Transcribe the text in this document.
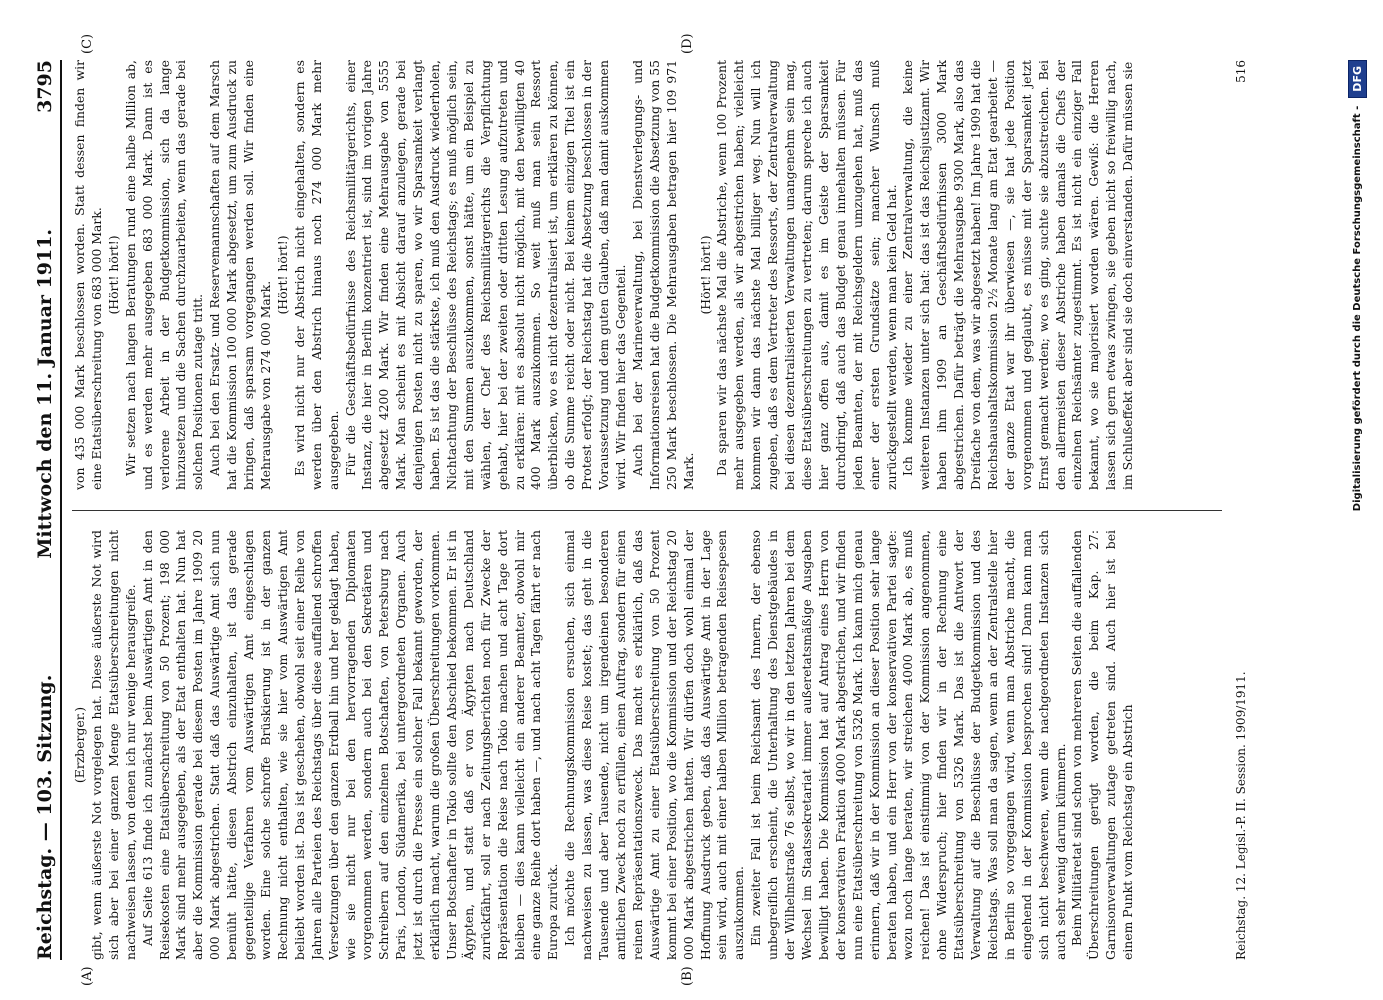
Reichstag. — 103. Sitzung.
Mittwoch den 11. Januar 1911.
3795
(A)	(B)
(C)	(D)

(Erzberger.) gibt, wenn äußerste Not vorgelegen hat. Diese äußerste Not wird sich aber bei einer ganzen Menge Etatsüberschreitungen nicht nachweisen lassen, von denen ich nur wenige herausgreife. Auf Seite 613 finde ich zunächst beim Auswärtigen Amt in den Reisekosten eine Etatsüberschreitung von 50 Prozent; 198 000 Mark sind mehr ausgegeben, als der Etat enthalten hat. Nun hat aber die Kommission gerade bei diesem Posten im Jahre 1909 20 000 Mark abgestrichen. Statt daß das Auswärtige Amt sich nun bemüht hätte, diesen Abstrich einzuhalten, ist das gerade gegenteilige Verfahren vom Auswärtigen Amt eingeschlagen worden. Eine solche schroffe Brüskierung ist in der ganzen Rechnung nicht enthalten, wie sie hier vom Auswärtigen Amt beliebt worden ist. Das ist geschehen, obwohl seit einer Reihe von Jahren alle Parteien des Reichstags über diese auffallend schroffen Versetzungen über den ganzen Erdball hin und her geklagt haben, wie sie nicht nur bei den hervorragenden Diplomaten vorgenommen werden, sondern auch bei den Sekretären und Schreibern auf den einzelnen Botschaften, von Petersburg nach Paris, London, Südamerika, bei untergeordneten Organen. Auch jetzt ist durch die Presse ein solcher Fall bekannt geworden, der erklärlich macht, warum die großen Überschreitungen vorkommen. Unser Botschafter in Tokio sollte den Abschied bekommen. Er ist in Ägypten, und statt daß er von Ägypten nach Deutschland zurückfährt, soll er nach Zeitungsberichten noch für Zwecke der Repräsentation die Reise nach Tokio machen und acht Tage dort bleiben — dies kann vielleicht ein anderer Beamter, obwohl mir eine ganze Reihe dort haben —, und nach acht Tagen fährt er nach Europa zurück. Ich möchte die Rechnungskommission ersuchen, sich einmal nachweisen zu lassen, was diese Reise kostet; das geht in die Tausende und aber Tausende, nicht um irgendeinen besonderen amtlichen Zweck noch zu erfüllen, einen Auftrag, sondern für einen reinen Repräsentationszweck. Das macht es erklärlich, daß das Auswärtige Amt zu einer Etatsüberschreitung von 50 Prozent kommt bei einer Position, wo die Kommission und der Reichstag 20 000 Mark abgestrichen hatten. Wir dürfen doch wohl einmal der Hoffnung Ausdruck geben, daß das Auswärtige Amt in der Lage sein wird, auch mit einer halben Million betragenden Reisespesen auszukommen. Ein zweiter Fall ist beim Reichsamt des Innern, der ebenso unbegreiflich erscheint, die Unterhaltung des Dienstgebäudes in der Wilhelmstraße 76 selbst, wo wir in den letzten Jahren bei dem Wechsel im Staatssekretariat immer außeretatsmäßige Ausgaben bewilligt haben. Die Kommission hat auf Antrag eines Herrn von der konservativen Fraktion 4000 Mark abgestrichen, und wir finden nun eine Etatsüberschreitung von 5326 Mark. Ich kann mich genau erinnern, daß wir in der Kommission an dieser Position sehr lange beraten haben, und ein Herr von der konservativen Partei sagte: wozu noch lange beraten, wir streichen 4000 Mark ab, es muß reichen! Das ist einstimmig von der Kommission angenommen, ohne Widerspruch; hier finden wir in der Rechnung eine Etatsüberschreitung von 5326 Mark. Das ist die Antwort der Verwaltung auf die Beschlüsse der Budgetkommission und des Reichstags. Was soll man da sagen, wenn an der Zentralstelle hier in Berlin so vorgegangen wird, wenn man Abstriche macht, die eingehend in der Kommission besprochen sind! Dann kann man sich nicht beschweren, wenn die nachgeordneten Instanzen sich auch sehr wenig darum kümmern. Beim Militäretat sind schon von mehreren Seiten die auffallenden Überschreitungen gerügt worden, die beim Kap. 27: Garnisonverwaltungen zutage getreten sind. Auch hier ist bei einem Punkt vom Reichstag ein Abstrich

von 435 000 Mark beschlossen worden. Statt dessen finden wir eine Etatsüberschreitung von 683 000 Mark. (Hört! hört!) Wir setzen nach langen Beratungen rund eine halbe Million ab, und es werden mehr ausgegeben 683 000 Mark. Dann ist es verlorene Arbeit in der Budgetkommission, sich da lange hinzusetzen und die Sachen durchzuarbeiten, wenn das gerade bei solchen Positionen zutage tritt. Auch bei den Ersatz- und Reservemannschaften auf dem Marsch hat die Kommission 100 000 Mark abgesetzt, um zum Ausdruck zu bringen, daß sparsam vorgegangen werden soll. Wir finden eine Mehrausgabe von 274 000 Mark.

(Hört! hört!) Es wird nicht nur der Abstrich nicht eingehalten, sondern es werden über den Abstrich hinaus noch 274 000 Mark mehr ausgegeben. Für die Geschäftsbedürfnisse des Reichsmilitärgerichts, einer Instanz, die hier in Berlin konzentriert ist, sind im vorigen Jahre abgesetzt 4200 Mark. Wir finden eine Mehrausgabe von 5555 Mark. Man scheint es mit Absicht darauf anzulegen, gerade bei denjenigen Posten nicht zu sparen, wo wir Sparsamkeit verlangt haben. Es ist das die stärkste, ich muß den Ausdruck wiederholen, Nichtachtung der Beschlüsse des Reichstags; es muß möglich sein, mit den Summen auszukommen, sonst hätte, um ein Beispiel zu wählen, der Chef des Reichsmilitärgerichts die Verpflichtung gehabt, hier bei der zweiten oder dritten Lesung aufzutreten und zu erklären: mit es absolut nicht möglich, mit den bewilligten 40 400 Mark auszukommen. So weit muß man sein Ressort überblicken, wo es nicht dezentralisiert ist, um erklären zu können, ob die Summe reicht oder nicht. Bei keinem einzigen Titel ist ein Protest erfolgt; der Reichstag hat die Absetzung beschlossen in der Voraussetzung und dem guten Glauben, daß man damit auskommen wird. Wir finden hier das Gegenteil. Auch bei der Marineverwaltung, bei Dienstverlegungs- und Informationsreisen hat die Budgetkommission die Absetzung von 55 250 Mark beschlossen. Die Mehrausgaben betragen hier 109 971 Mark.

(Hört! hört!) Da sparen wir das nächste Mal die Abstriche, wenn 100 Prozent mehr ausgegeben werden, als wir abgestrichen haben; vielleicht kommen wir dann das nächste Mal billiger weg. Nun will ich zugeben, daß es dem Vertreter des Ressorts, der Zentralverwaltung bei diesen dezentralisierten Verwaltungen unangenehm sein mag, diese Etatsüberschreitungen zu vertreten; darum spreche ich auch hier ganz offen aus, damit es im Geiste der Sparsamkeit durchdringt, daß auch das Budget genau innehalten müssen. Für jeden Beamten, der mit Reichsgeldern umzugehen hat, muß das einer der ersten Grundsätze sein; mancher Wunsch muß zurückgestellt werden, wenn man kein Geld hat. Ich komme wieder zu einer Zentralverwaltung, die keine weiteren Instanzen unter sich hat: das ist das Reichsjustizamt. Wir haben ihm 1909 an Geschäftsbedürfnissen 3000 Mark abgestrichen. Dafür beträgt die Mehrausgabe 9300 Mark, also das Dreifache von dem, was wir abgesetzt haben! Im Jahre 1909 hat die Reichshaushaltskommission 2½ Monate lang am Etat gearbeitet — der ganze Etat war ihr überwiesen —, sie hat jede Position vorgenommen und geglaubt, es müsse mit der Sparsamkeit jetzt Ernst gemacht werden; wo es ging, suchte sie abzustreichen. Bei den allermeisten dieser Abstriche haben damals die Chefs der einzelnen Reichsämter zugestimmt. Es ist nicht ein einziger Fall bekannt, wo sie majorisiert worden wären. Gewiß: die Herren lassen sich gern etwas zwingen, sie geben nicht so freiwillig nach, im Schlußeffekt aber sind sie doch einverstanden. Dafür müssen sie

Reichstag. 12. Legisl.-P. II. Session. 1909/1911.
516
Digitalisierung gefördert durch die Deutsche Forschungsgemeinschaft -
DFG
